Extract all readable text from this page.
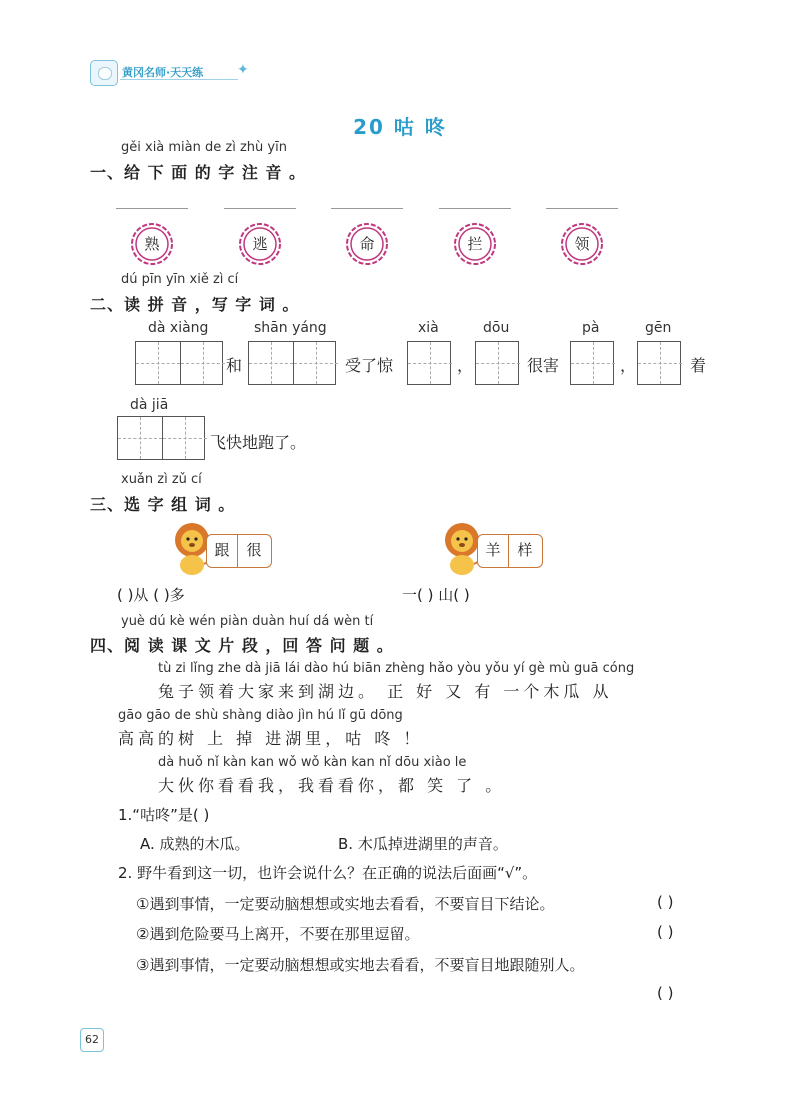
黄冈名师·天天练 ✦
20 咕 咚
gěi xià miàn de zì zhù yīn
一、给 下 面 的 字 注 音 。
熟	逃	命	拦	领
dú pīn yīn xiě zì cí
二、读 拼 音 ，写 字 词 。
dà xiàng	shān yáng	xià	dōu	pà	gēn
和	受了惊	，	很害	，	着
dà jiā
飞快地跑了。
xuǎn zì zǔ cí
三、选 字 组 词 。
跟	很	羊	样
( )从 ( )多	一( ) 山( )
yuè dú kè wén piàn duàn huí dá wèn tí
四、阅 读 课 文 片 段 ，回 答 问 题 。
tù zi lǐng zhe dà jiā lái dào hú biān zhèng hǎo yòu yǒu yí gè mù guā cóng
兔子领着大家来到湖边。 正 好 又 有 一个木瓜 从
gāo gāo de shù shàng diào jìn hú lǐ gū dōng
高高的树 上 掉 进湖里，咕 咚 ！
dà huǒ nǐ kàn kan wǒ wǒ kàn kan nǐ dōu xiào le
大伙你看看我，我看看你，都 笑 了 。
1.“咕咚”是( )
A. 成熟的木瓜。	B. 木瓜掉进湖里的声音。
2. 野牛看到这一切，也许会说什么？在正确的说法后面画“√”。
①遇到事情，一定要动脑想想或实地去看看，不要盲目下结论。	( )
②遇到危险要马上离开，不要在那里逗留。	( )
③遇到事情，一定要动脑想想或实地去看看，不要盲目地跟随别人。
( )
62
